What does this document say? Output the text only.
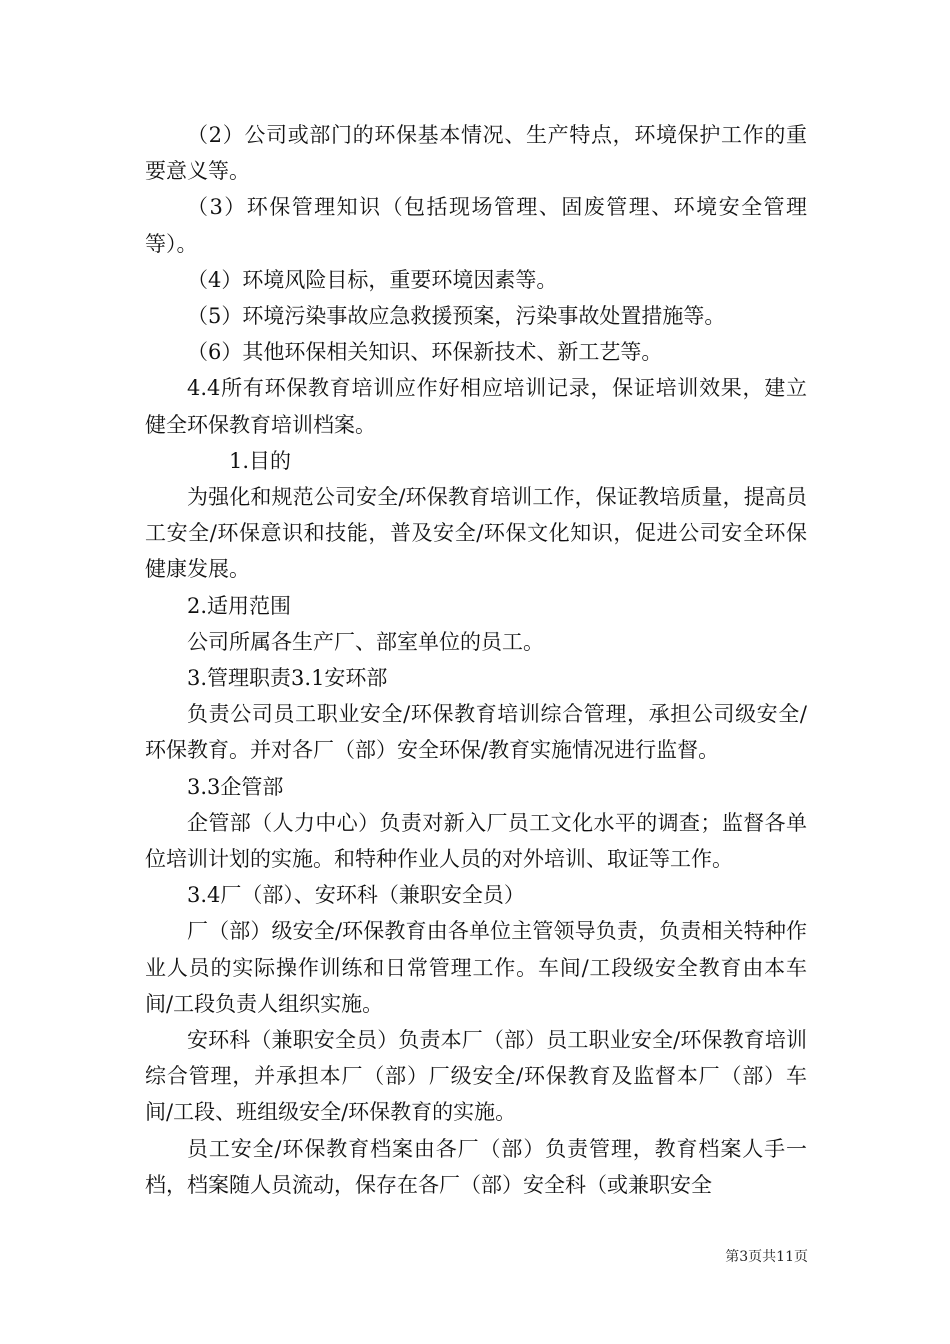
（2）公司或部门的环保基本情况、生产特点，环境保护工作的重要意义等。

（3）环保管理知识（包括现场管理、固废管理、环境安全管理等）。

（4）环境风险目标，重要环境因素等。

（5）环境污染事故应急救援预案，污染事故处置措施等。

（6）其他环保相关知识、环保新技术、新工艺等。

4.4所有环保教育培训应作好相应培训记录，保证培训效果，建立健全环保教育培训档案。

1.目的

为强化和规范公司安全/环保教育培训工作，保证教培质量，提高员工安全/环保意识和技能，普及安全/环保文化知识，促进公司安全环保健康发展。

2.适用范围

公司所属各生产厂、部室单位的员工。

3.管理职责3.1安环部

负责公司员工职业安全/环保教育培训综合管理，承担公司级安全/环保教育。并对各厂（部）安全环保/教育实施情况进行监督。

3.3企管部

企管部（人力中心）负责对新入厂员工文化水平的调查；监督各单位培训计划的实施。和特种作业人员的对外培训、取证等工作。

3.4厂（部）、安环科（兼职安全员）

厂（部）级安全/环保教育由各单位主管领导负责，负责相关特种作业人员的实际操作训练和日常管理工作。车间/工段级安全教育由本车间/工段负责人组织实施。

安环科（兼职安全员）负责本厂（部）员工职业安全/环保教育培训综合管理，并承担本厂（部）厂级安全/环保教育及监督本厂（部）车间/工段、班组级安全/环保教育的实施。

员工安全/环保教育档案由各厂（部）负责管理，教育档案人手一档，档案随人员流动，保存在各厂（部）安全科（或兼职安全

第3页共11页
